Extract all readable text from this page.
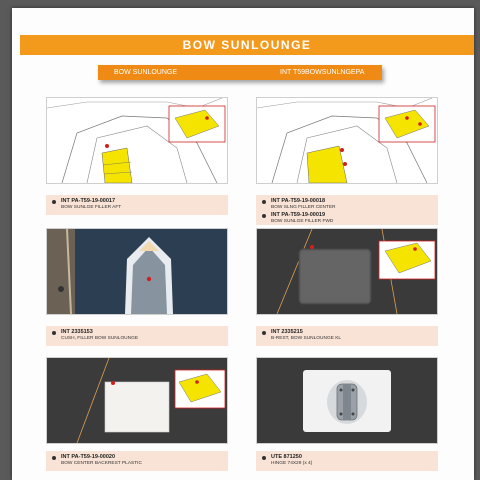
BOW SUNLOUNGE
BOW SUNLOUNGE	INT T59BOWSUNLNGEPA
INT PA-T59-19-00017
BOW SUNLGE FILLER AFT
INT PA-T59-19-00018
BOW SLNG FILLER CENTER
INT PA-T59-19-00019
BOW SUNLGE FILLER FWD
INT 2335153
CUSH, FILLER BOW SUNLOUNGE
INT 2335215
B-REST, BOW SUNLOUNGE KL
INT PA-T59-19-00020
BOW CENTER BACKREST PLASTIC
UTE 871250
HINGE 74X29 (x 4)
